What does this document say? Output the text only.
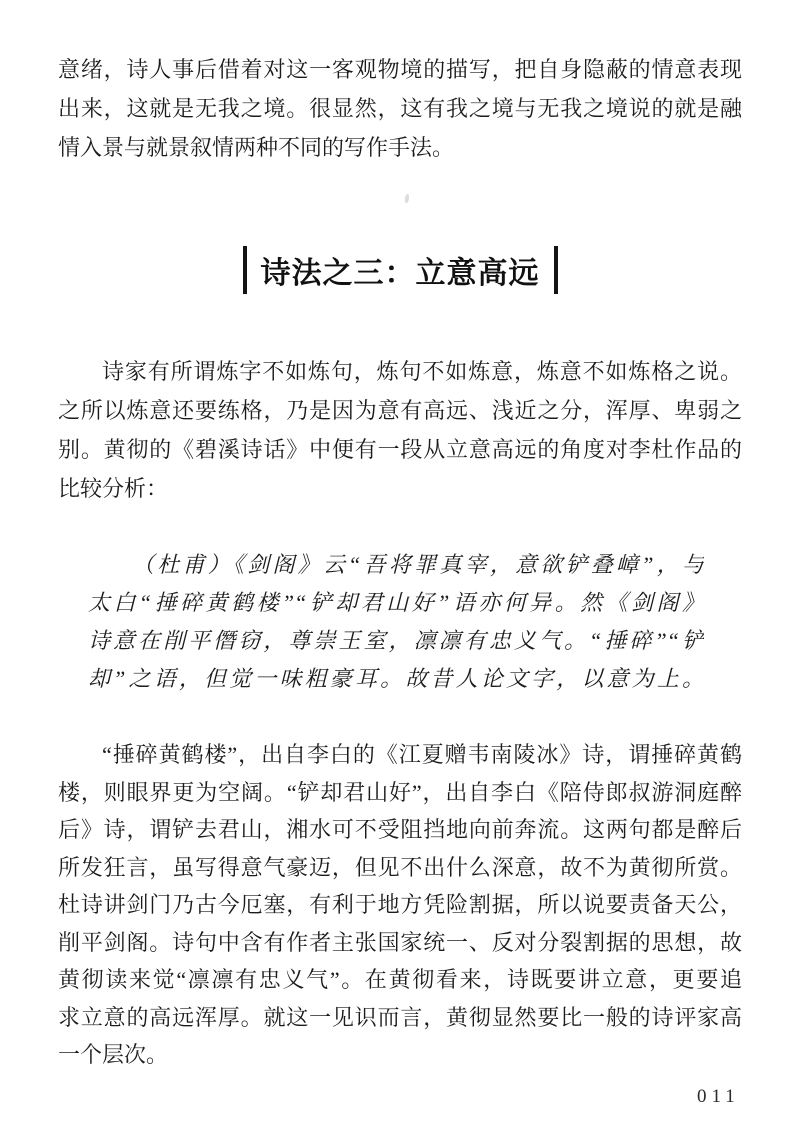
意绪，诗人事后借着对这一客观物境的描写，把自身隐蔽的情意表现
出来，这就是无我之境。很显然，这有我之境与无我之境说的就是融
情入景与就景叙情两种不同的写作手法。
诗法之三：立意高远
诗家有所谓炼字不如炼句，炼句不如炼意，炼意不如炼格之说。
之所以炼意还要练格，乃是因为意有高远、浅近之分，浑厚、卑弱之
别。黄彻的《碧溪诗话》中便有一段从立意高远的角度对李杜作品的
比较分析：
（杜甫）《剑阁》云“吾将罪真宰，意欲铲叠嶂”，与
太白“捶碎黄鹤楼”“铲却君山好”语亦何异。然《剑阁》
诗意在削平僭窃，尊崇王室，凛凛有忠义气。“捶碎”“铲
却”之语，但觉一味粗豪耳。故昔人论文字，以意为上。
“捶碎黄鹤楼”，出自李白的《江夏赠韦南陵冰》诗，谓捶碎黄鹤
楼，则眼界更为空阔。“铲却君山好”，出自李白《陪侍郎叔游洞庭醉
后》诗，谓铲去君山，湘水可不受阻挡地向前奔流。这两句都是醉后
所发狂言，虽写得意气豪迈，但见不出什么深意，故不为黄彻所赏。
杜诗讲剑门乃古今厄塞，有利于地方凭险割据，所以说要责备天公，
削平剑阁。诗句中含有作者主张国家统一、反对分裂割据的思想，故
黄彻读来觉“凛凛有忠义气”。在黄彻看来，诗既要讲立意，更要追
求立意的高远浑厚。就这一见识而言，黄彻显然要比一般的诗评家高
一个层次。
011
